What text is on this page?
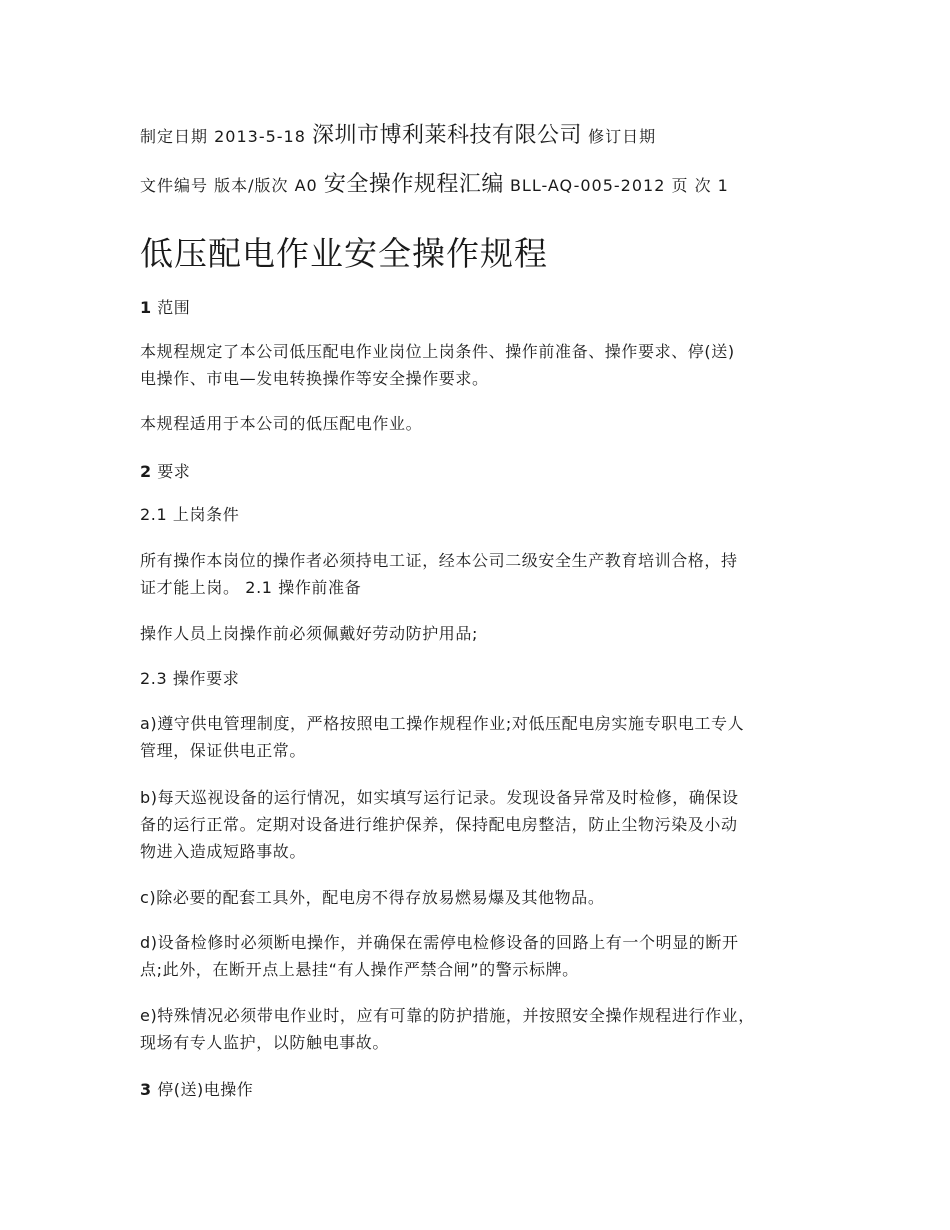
制定日期 2013-5-18 深圳市博利莱科技有限公司 修订日期
文件编号 版本/版次 A0 安全操作规程汇编 BLL-AQ-005-2012 页 次 1
低压配电作业安全操作规程
1 范围
本规程规定了本公司低压配电作业岗位上岗条件、操作前准备、操作要求、停(送)
电操作、市电—发电转换操作等安全操作要求。
本规程适用于本公司的低压配电作业。
2 要求
2.1 上岗条件
所有操作本岗位的操作者必须持电工证，经本公司二级安全生产教育培训合格，持
证才能上岗。 2.1 操作前准备
操作人员上岗操作前必须佩戴好劳动防护用品;
2.3 操作要求
a)遵守供电管理制度，严格按照电工操作规程作业;对低压配电房实施专职电工专人
管理，保证供电正常。
b)每天巡视设备的运行情况，如实填写运行记录。发现设备异常及时检修，确保设
备的运行正常。定期对设备进行维护保养，保持配电房整洁，防止尘物污染及小动
物进入造成短路事故。
c)除必要的配套工具外，配电房不得存放易燃易爆及其他物品。
d)设备检修时必须断电操作，并确保在需停电检修设备的回路上有一个明显的断开
点;此外，在断开点上悬挂“有人操作严禁合闸”的警示标牌。
e)特殊情况必须带电作业时，应有可靠的防护措施，并按照安全操作规程进行作业，
现场有专人监护，以防触电事故。
3 停(送)电操作
